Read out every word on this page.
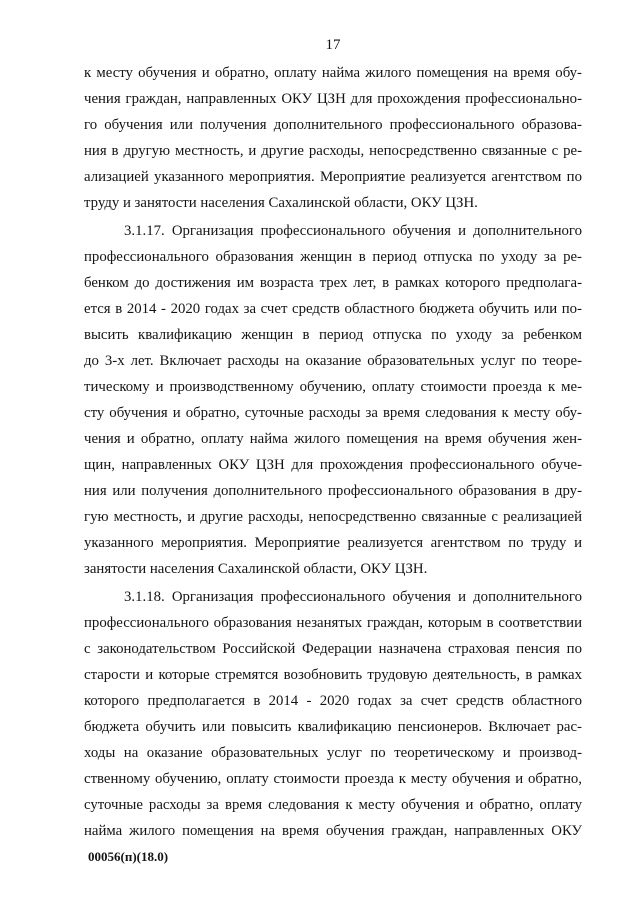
17
к месту обучения и обратно, оплату найма жилого помещения на время обу-
чения граждан, направленных ОКУ ЦЗН для прохождения профессионально-
го обучения или получения дополнительного профессионального образова-
ния в другую местность, и другие расходы, непосредственно связанные с ре-
ализацией указанного мероприятия. Мероприятие реализуется агентством по
труду и занятости населения Сахалинской области, ОКУ ЦЗН.
3.1.17. Организация профессионального обучения и дополнительного
профессионального образования женщин в период отпуска по уходу за ре-
бенком до достижения им возраста трех лет, в рамках которого предполага-
ется в 2014 - 2020 годах за счет средств областного бюджета обучить или по-
высить квалификацию женщин в период отпуска по уходу за ребенком
до 3-х лет. Включает расходы на оказание образовательных услуг по теоре-
тическому и производственному обучению, оплату стоимости проезда к ме-
сту обучения и обратно, суточные расходы за время следования к месту обу-
чения и обратно, оплату найма жилого помещения на время обучения жен-
щин, направленных ОКУ ЦЗН для прохождения профессионального обуче-
ния или получения дополнительного профессионального образования в дру-
гую местность, и другие расходы, непосредственно связанные с реализацией
указанного мероприятия. Мероприятие реализуется агентством по труду и
занятости населения Сахалинской области, ОКУ ЦЗН.
3.1.18. Организация профессионального обучения и дополнительного
профессионального образования незанятых граждан, которым в соответствии
с законодательством Российской Федерации назначена страховая пенсия по
старости и которые стремятся возобновить трудовую деятельность, в рамках
которого предполагается в 2014 - 2020 годах за счет средств областного
бюджета обучить или повысить квалификацию пенсионеров. Включает рас-
ходы на оказание образовательных услуг по теоретическому и производ-
ственному обучению, оплату стоимости проезда к месту обучения и обратно,
суточные расходы за время следования к месту обучения и обратно, оплату
найма жилого помещения на время обучения граждан, направленных ОКУ
00056(п)(18.0)
